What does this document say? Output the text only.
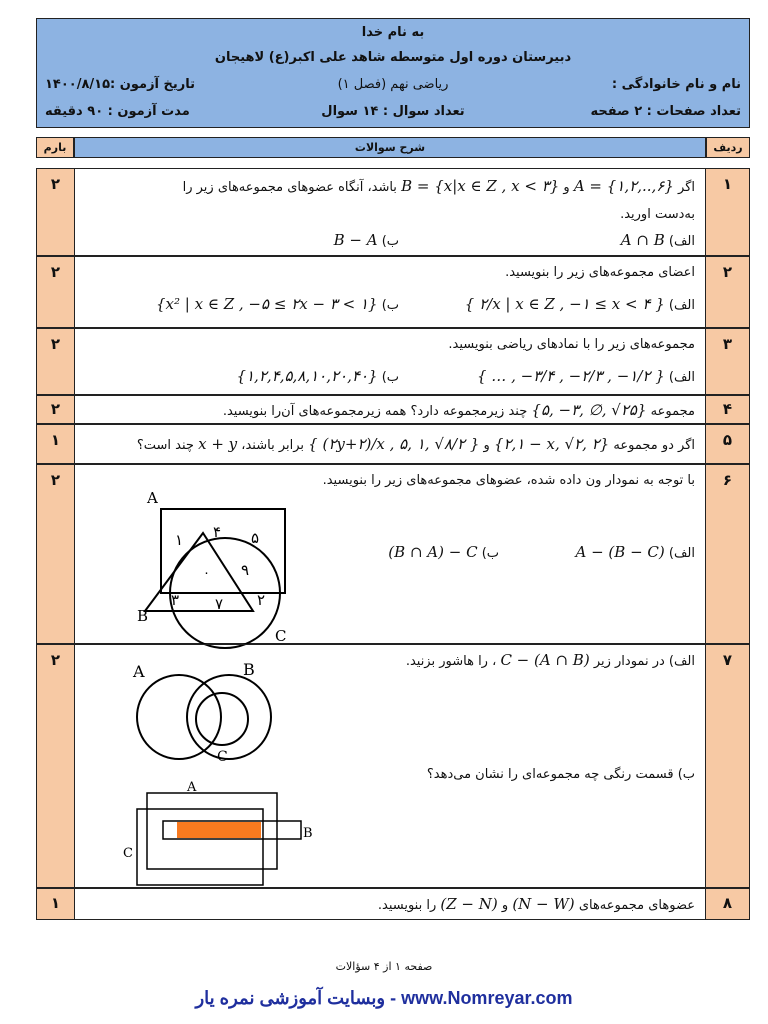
به نام خدا
دبیرستان دوره اول متوسطه شاهد علی اکبر(ع) لاهیجان
نام و نام خانوادگی :
ریاضی نهم (فصل ۱)
تاریخ آزمون :۱۴۰۰/۸/۱۵
تعداد صفحات : ۲ صفحه
تعداد سوال : ۱۴ سوال
مدت آزمون : ۹۰ دقیقه
ردیف
شرح سوالات
بارم
۱
۲	اگر A = {۱,۲,..,۶} و B = {x|x ∈ Z , x < ۳} باشد، آنگاه عضوهای مجموعه‌های زیر را
به‌دست اورید.
الف) A ∩ B
ب) B − A
۲
۲	اعضای مجموعه‌های زیر را بنویسید.
الف) { ۲/x | x ∈ Z , −۱ ≤ x < ۴ }
ب) {x² | x ∈ Z , −۵ ≤ ۲x − ۳ < ۱}
۳
۲	مجموعه‌های زیر را با نمادهای ریاضی بنویسید.
الف) { … , −۳/۴ , −۲/۳ , −۱/۲ }
ب) {۱,۲,۴,۵,۸,۱۰,۲۰,۴۰}
۴
۲	مجموعه {۵, −۳, ∅, √۲۵} چند زیرمجموعه دارد؟ همه زیرمجموعه‌های آن‌را بنویسید.
۵
۱	اگر دو مجموعه {۲,۱ − x, √۲, ۲} و { (۲y+۲)/x , ۵, ۱, √۸/۲ } برابر باشند، x + y چند است؟
۶
۲	با توجه به نمودار ون داده شده، عضوهای مجموعه‌های زیر را بنویسید.
الف) A − (B − C)
ب) (B ∩ A) − C
A
B
C
۱ ۴ ۵
۰ ۹
۳ ۷ ۲
۷
۲	الف) در نمودار زیر C − (A ∩ B) ، را هاشور بزنید.
ب) قسمت رنگی چه مجموعه‌ای را نشان می‌دهد؟
A	B
C
A
B
C
۸
۱	عضوهای مجموعه‌های (N − W) و (Z − N) را بنویسید.
صفحه ۱ از ۴ سؤالات
وبسایت آموزشی نمره یار - www.Nomreyar.com
